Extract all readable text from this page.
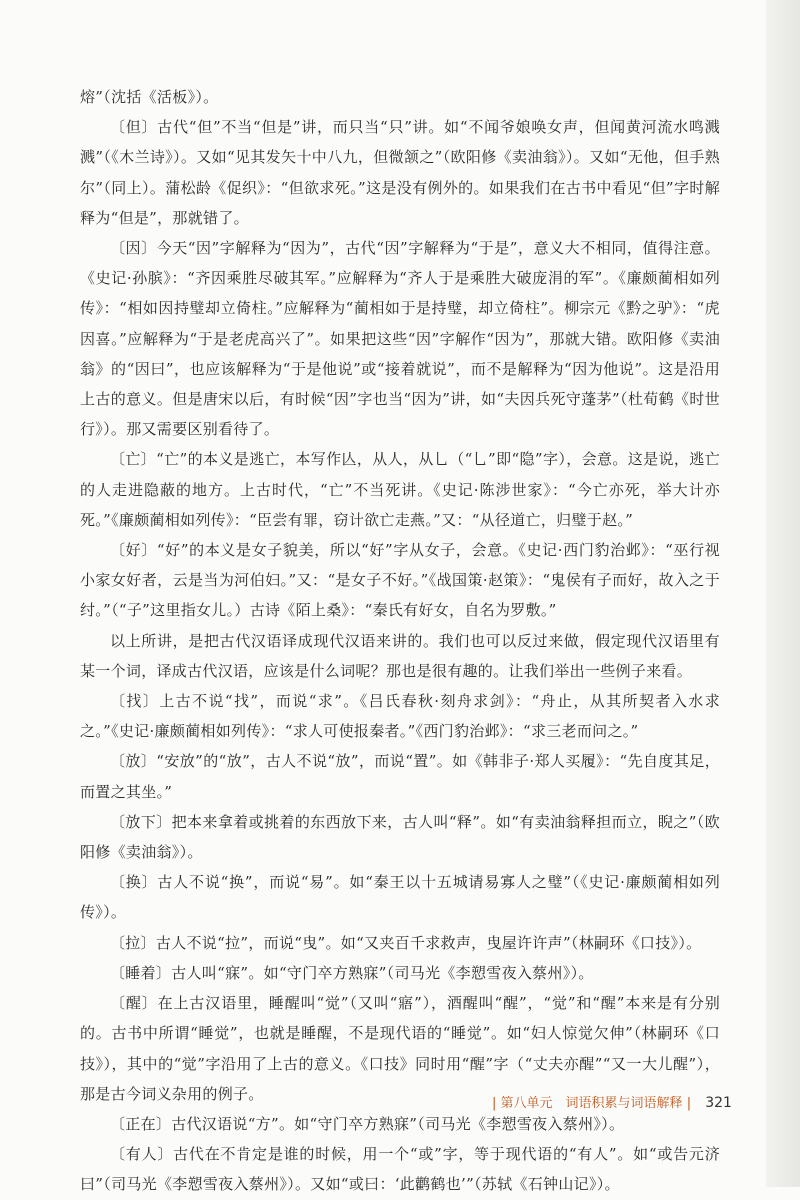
熔”（沈括《活板》）。

〔但〕古代“但”不当“但是”讲，而只当“只”讲。如“不闻爷娘唤女声，但闻黄河流水鸣溅溅”（《木兰诗》）。又如“见其发矢十中八九，但微颔之”（欧阳修《卖油翁》）。又如“无他，但手熟尔”（同上）。蒲松龄《促织》：“但欲求死。”这是没有例外的。如果我们在古书中看见“但”字时解释为“但是”，那就错了。

〔因〕今天“因”字解释为“因为”，古代“因”字解释为“于是”，意义大不相同，值得注意。《史记·孙膑》：“齐因乘胜尽破其军。”应解释为“齐人于是乘胜大破庞涓的军”。《廉颇蔺相如列传》：“相如因持璧却立倚柱。”应解释为“蔺相如于是持璧，却立倚柱”。柳宗元《黔之驴》：“虎因喜。”应解释为“于是老虎高兴了”。如果把这些“因”字解作“因为”，那就大错。欧阳修《卖油翁》的“因曰”，也应该解释为“于是他说”或“接着就说”，而不是解释为“因为他说”。这是沿用上古的意义。但是唐宋以后，有时候“因”字也当“因为”讲，如“夫因兵死守蓬茅”（杜荀鹤《时世行》）。那又需要区别看待了。

〔亡〕“亡”的本义是逃亡，本写作亾，从人，从乚（“乚”即“隐”字），会意。这是说，逃亡的人走进隐蔽的地方。上古时代，“亡”不当死讲。《史记·陈涉世家》：“今亡亦死，举大计亦死。”《廉颇蔺相如列传》：“臣尝有罪，窃计欲亡走燕。”又：“从径道亡，归璧于赵。”

〔好〕“好”的本义是女子貌美，所以“好”字从女子，会意。《史记·西门豹治邺》：“巫行视小家女好者，云是当为河伯妇。”又：“是女子不好。”《战国策·赵策》：“鬼侯有子而好，故入之于纣。”（“子”这里指女儿。）古诗《陌上桑》：“秦氏有好女，自名为罗敷。”

以上所讲，是把古代汉语译成现代汉语来讲的。我们也可以反过来做，假定现代汉语里有某一个词，译成古代汉语，应该是什么词呢？那也是很有趣的。让我们举出一些例子来看。

〔找〕上古不说“找”，而说“求”。《吕氏春秋·刻舟求剑》：“舟止，从其所契者入水求之。”《史记·廉颇蔺相如列传》：“求人可使报秦者。”《西门豹治邺》：“求三老而问之。”

〔放〕“安放”的“放”，古人不说“放”，而说“置”。如《韩非子·郑人买履》：“先自度其足，而置之其坐。”

〔放下〕把本来拿着或挑着的东西放下来，古人叫“释”。如“有卖油翁释担而立，睨之”（欧阳修《卖油翁》）。

〔换〕古人不说“换”，而说“易”。如“秦王以十五城请易寡人之璧”（《史记·廉颇蔺相如列传》）。

〔拉〕古人不说“拉”，而说“曳”。如“又夹百千求救声，曳屋许许声”（林嗣环《口技》）。

〔睡着〕古人叫“寐”。如“守门卒方熟寐”（司马光《李愬雪夜入蔡州》）。

〔醒〕在上古汉语里，睡醒叫“觉”（又叫“寤”），酒醒叫“醒”，“觉”和“醒”本来是有分别的。古书中所谓“睡觉”，也就是睡醒，不是现代语的“睡觉”。如“妇人惊觉欠伸”（林嗣环《口技》），其中的“觉”字沿用了上古的意义。《口技》同时用“醒”字（“丈夫亦醒”“又一大儿醒”），那是古今词义杂用的例子。

〔正在〕古代汉语说“方”。如“守门卒方熟寐”（司马光《李愬雪夜入蔡州》）。

〔有人〕古代在不肯定是谁的时候，用一个“或”字，等于现代语的“有人”。如“或告元济曰”（司马光《李愬雪夜入蔡州》）。又如“或曰：‘此鹳鹤也’”（苏轼《石钟山记》）。

| 第八单元　词语积累与词语解释 | 321
